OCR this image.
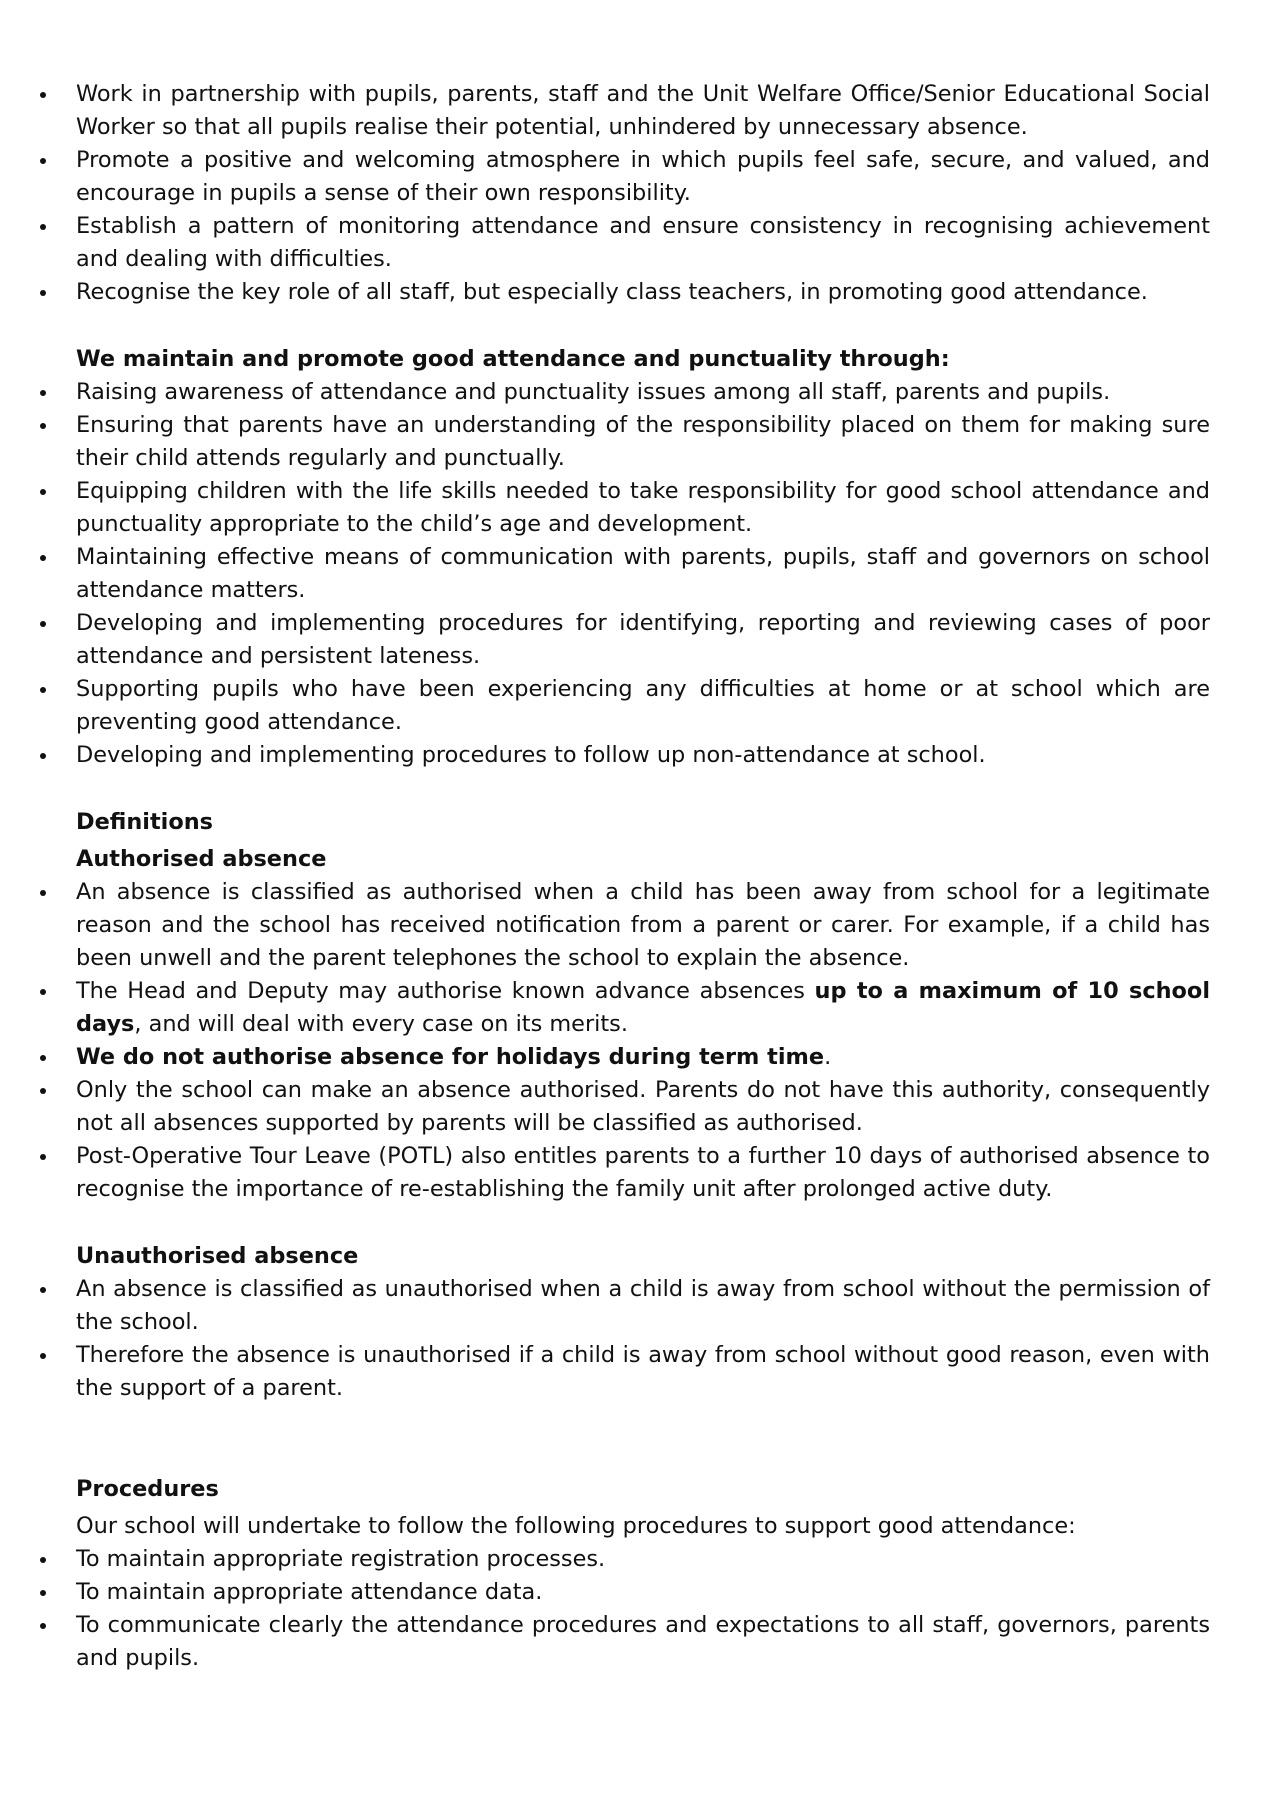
Work in partnership with pupils, parents, staff and the Unit Welfare Office/Senior Educational Social Worker so that all pupils realise their potential, unhindered by unnecessary absence.
Promote a positive and welcoming atmosphere in which pupils feel safe, secure, and valued, and encourage in pupils a sense of their own responsibility.
Establish a pattern of monitoring attendance and ensure consistency in recognising achievement and dealing with difficulties.
Recognise the key role of all staff, but especially class teachers, in promoting good attendance.
We maintain and promote good attendance and punctuality through:
Raising awareness of attendance and punctuality issues among all staff, parents and pupils.
Ensuring that parents have an understanding of the responsibility placed on them for making sure their child attends regularly and punctually.
Equipping children with the life skills needed to take responsibility for good school attendance and punctuality appropriate to the child’s age and development.
Maintaining effective means of communication with parents, pupils, staff and governors on school attendance matters.
Developing and implementing procedures for identifying, reporting and reviewing cases of poor attendance and persistent lateness.
Supporting pupils who have been experiencing any difficulties at home or at school which are preventing good attendance.
Developing and implementing procedures to follow up non-attendance at school.
Definitions
Authorised absence
An absence is classified as authorised when a child has been away from school for a legitimate reason and the school has received notification from a parent or carer. For example, if a child has been unwell and the parent telephones the school to explain the absence.
The Head and Deputy may authorise known advance absences up to a maximum of 10 school days, and will deal with every case on its merits.
We do not authorise absence for holidays during term time.
Only the school can make an absence authorised. Parents do not have this authority, consequently not all absences supported by parents will be classified as authorised.
Post-Operative Tour Leave (POTL) also entitles parents to a further 10 days of authorised absence to recognise the importance of re-establishing the family unit after prolonged active duty.
Unauthorised absence
An absence is classified as unauthorised when a child is away from school without the permission of the school.
Therefore the absence is unauthorised if a child is away from school without good reason, even with the support of a parent.
Procedures
Our school will undertake to follow the following procedures to support good attendance:
To maintain appropriate registration processes.
To maintain appropriate attendance data.
To communicate clearly the attendance procedures and expectations to all staff, governors, parents and pupils.
